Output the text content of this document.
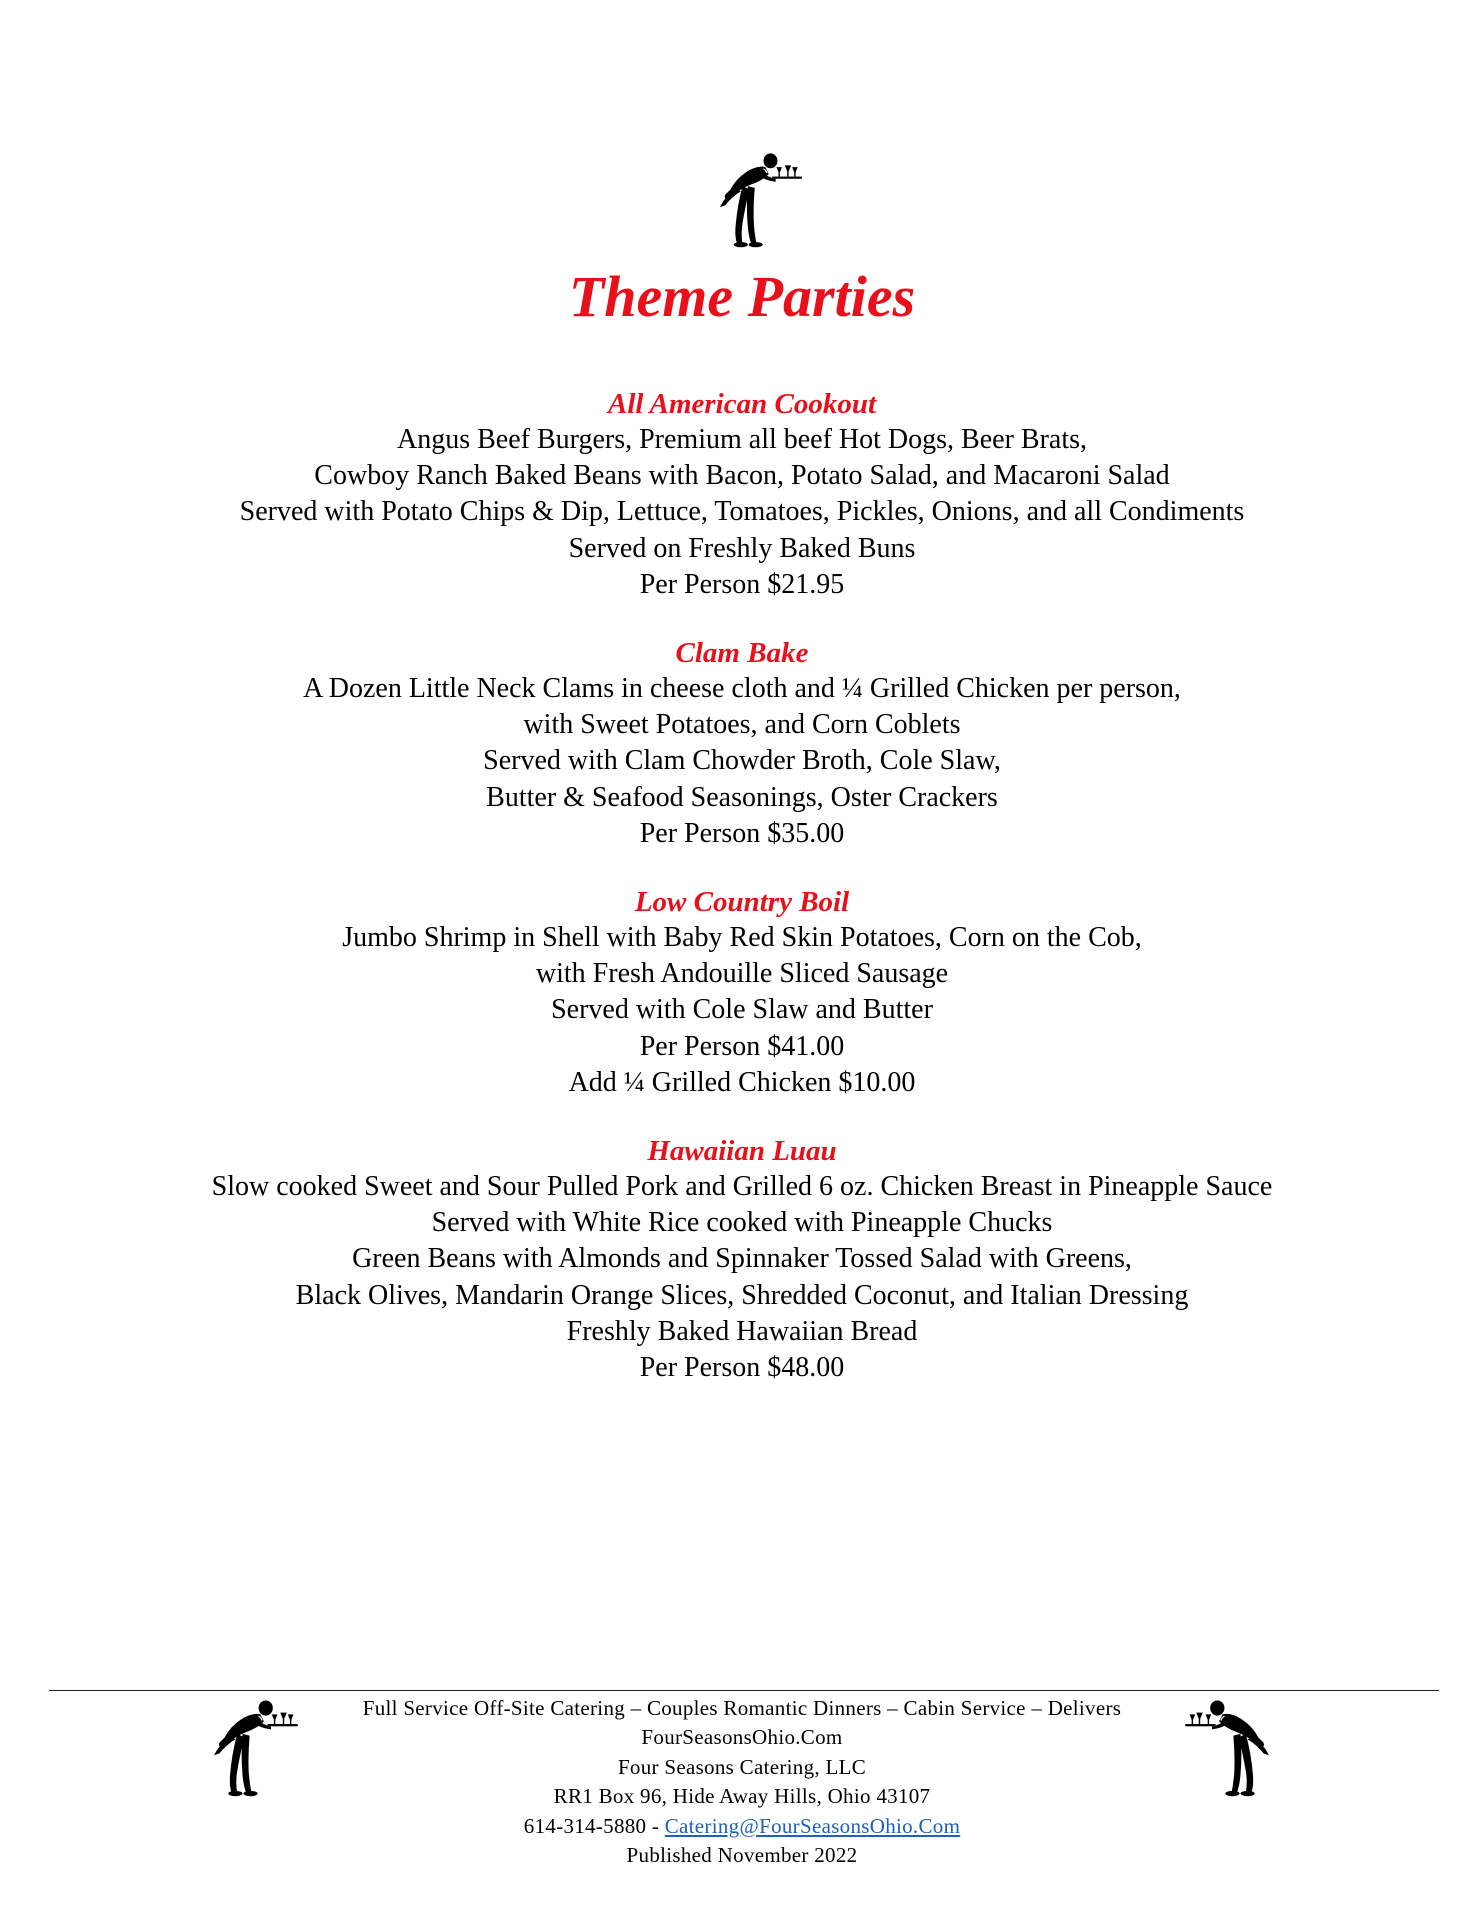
Theme Parties
All American Cookout
Angus Beef Burgers, Premium all beef Hot Dogs, Beer Brats,
Cowboy Ranch Baked Beans with Bacon, Potato Salad, and Macaroni Salad
Served with Potato Chips & Dip, Lettuce, Tomatoes, Pickles, Onions, and all Condiments
Served on Freshly Baked Buns
Per Person $21.95
Clam Bake
A Dozen Little Neck Clams in cheese cloth and ¼ Grilled Chicken per person,
with Sweet Potatoes, and Corn Coblets
Served with Clam Chowder Broth, Cole Slaw,
Butter & Seafood Seasonings, Oster Crackers
Per Person $35.00
Low Country Boil
Jumbo Shrimp in Shell with Baby Red Skin Potatoes, Corn on the Cob,
with Fresh Andouille Sliced Sausage
Served with Cole Slaw and Butter
Per Person $41.00
Add ¼ Grilled Chicken $10.00
Hawaiian Luau
Slow cooked Sweet and Sour Pulled Pork and Grilled 6 oz. Chicken Breast in Pineapple Sauce
Served with White Rice cooked with Pineapple Chucks
Green Beans with Almonds and Spinnaker Tossed Salad with Greens,
Black Olives, Mandarin Orange Slices, Shredded Coconut, and Italian Dressing
Freshly Baked Hawaiian Bread
Per Person $48.00
Full Service Off-Site Catering – Couples Romantic Dinners – Cabin Service – Delivers
FourSeasonsOhio.Com
Four Seasons Catering, LLC
RR1 Box 96, Hide Away Hills, Ohio 43107
614-314-5880 - Catering@FourSeasonsOhio.Com
Published November 2022
